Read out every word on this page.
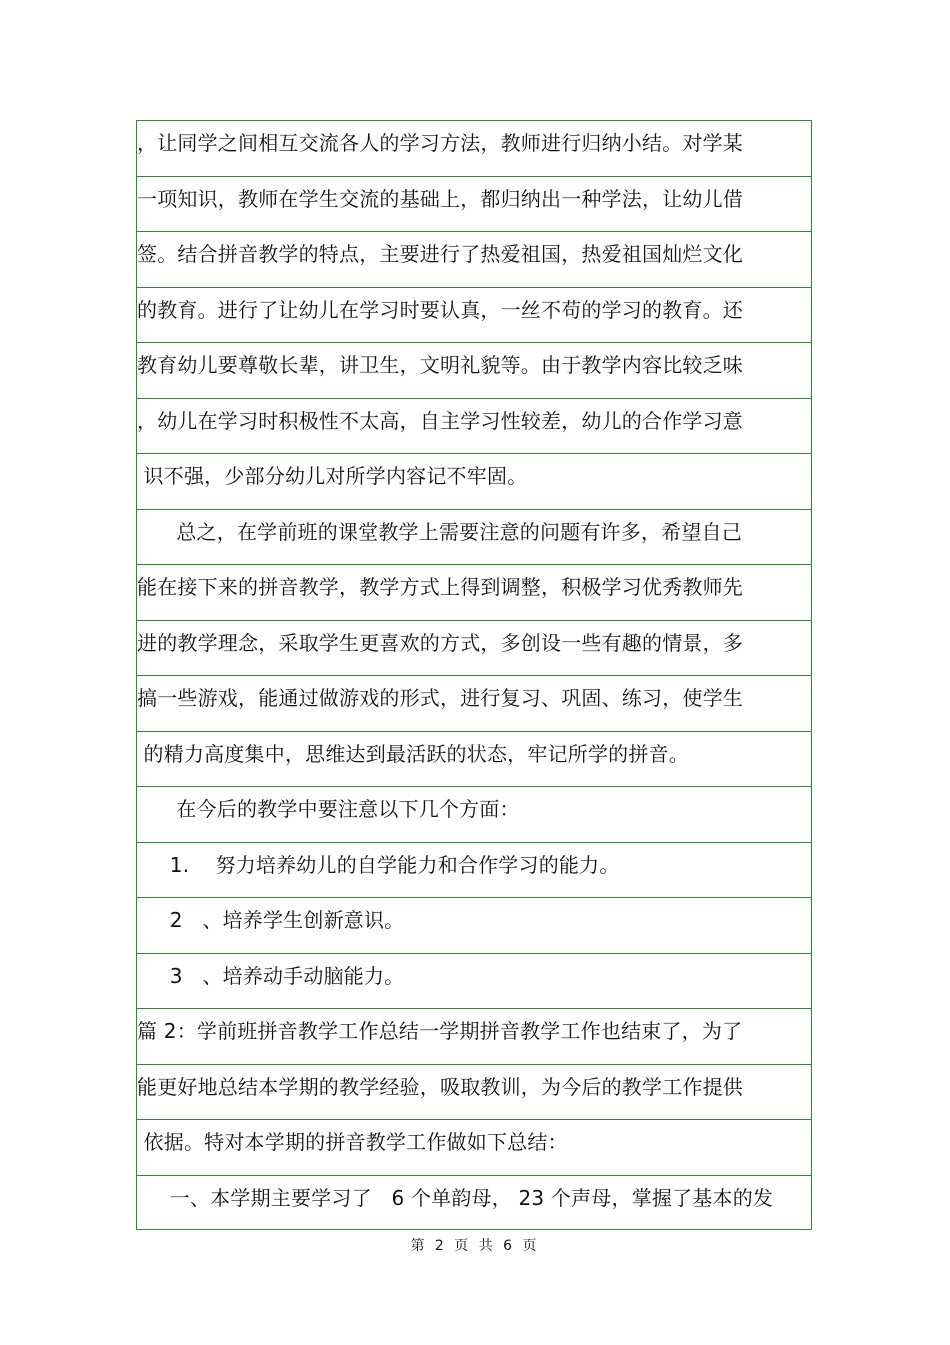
，让同学之间相互交流各人的学习方法，教师进行归纳小结。对学某
一项知识，教师在学生交流的基础上，都归纳出一种学法，让幼儿借
签。结合拼音教学的特点，主要进行了热爱祖国，热爱祖国灿烂文化
的教育。进行了让幼儿在学习时要认真，一丝不苟的学习的教育。还
教育幼儿要尊敬长辈，讲卫生，文明礼貌等。由于教学内容比较乏味
，幼儿在学习时积极性不太高，自主学习性较差，幼儿的合作学习意
识不强，少部分幼儿对所学内容记不牢固。
总之，在学前班的课堂教学上需要注意的问题有许多，希望自己
能在接下来的拼音教学，教学方式上得到调整，积极学习优秀教师先
进的教学理念，采取学生更喜欢的方式，多创设一些有趣的情景，多
搞一些游戏，能通过做游戏的形式，进行复习、巩固、练习，使学生
的精力高度集中，思维达到最活跃的状态，牢记所学的拼音。
在今后的教学中要注意以下几个方面：
1.    努力培养幼儿的自学能力和合作学习的能力。
2   、培养学生创新意识。
3   、培养动手动脑能力。
篇 2：学前班拼音教学工作总结一学期拼音教学工作也结束了，为了
能更好地总结本学期的教学经验，吸取教训，为今后的教学工作提供
依据。特对本学期的拼音教学工作做如下总结：
一、本学期主要学习了   6 个单韵母， 23 个声母，掌握了基本的发
第 2 页 共 6 页
